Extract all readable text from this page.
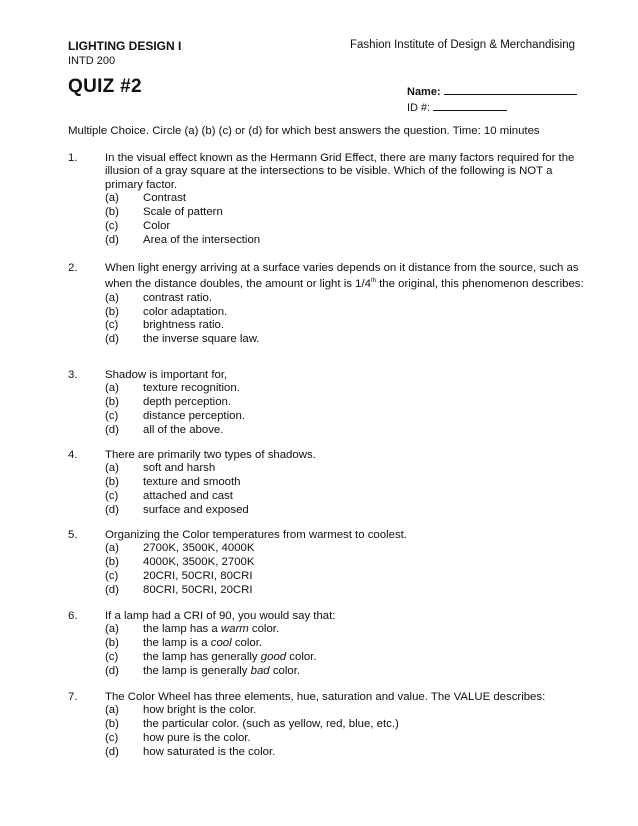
LIGHTING DESIGN I	Fashion Institute of Design & Merchandising
INTD 200
QUIZ #2	Name:
ID #:
Multiple Choice. Circle (a) (b) (c) or (d) for which best answers the question. Time: 10 minutes
1. In the visual effect known as the Hermann Grid Effect, there are many factors required for the illusion of a gray square at the intersections to be visible. Which of the following is NOT a primary factor.
(a) Contrast
(b) Scale of pattern
(c) Color
(d) Area of the intersection
2. When light energy arriving at a surface varies depends on it distance from the source, such as when the distance doubles, the amount or light is 1/4th the original, this phenomenon describes:
(a) contrast ratio.
(b) color adaptation.
(c) brightness ratio.
(d) the inverse square law.
3. Shadow is important for,
(a) texture recognition.
(b) depth perception.
(c) distance perception.
(d) all of the above.
4. There are primarily two types of shadows.
(a) soft and harsh
(b) texture and smooth
(c) attached and cast
(d) surface and exposed
5. Organizing the Color temperatures from warmest to coolest.
(a) 2700K, 3500K, 4000K
(b) 4000K, 3500K, 2700K
(c) 20CRI, 50CRI, 80CRI
(d) 80CRI, 50CRI, 20CRI
6. If a lamp had a CRI of 90, you would say that:
(a) the lamp has a warm color.
(b) the lamp is a cool color.
(c) the lamp has generally good color.
(d) the lamp is generally bad color.
7. The Color Wheel has three elements, hue, saturation and value. The VALUE describes:
(a) how bright is the color.
(b) the particular color. (such as yellow, red, blue, etc.)
(c) how pure is the color.
(d) how saturated is the color.
